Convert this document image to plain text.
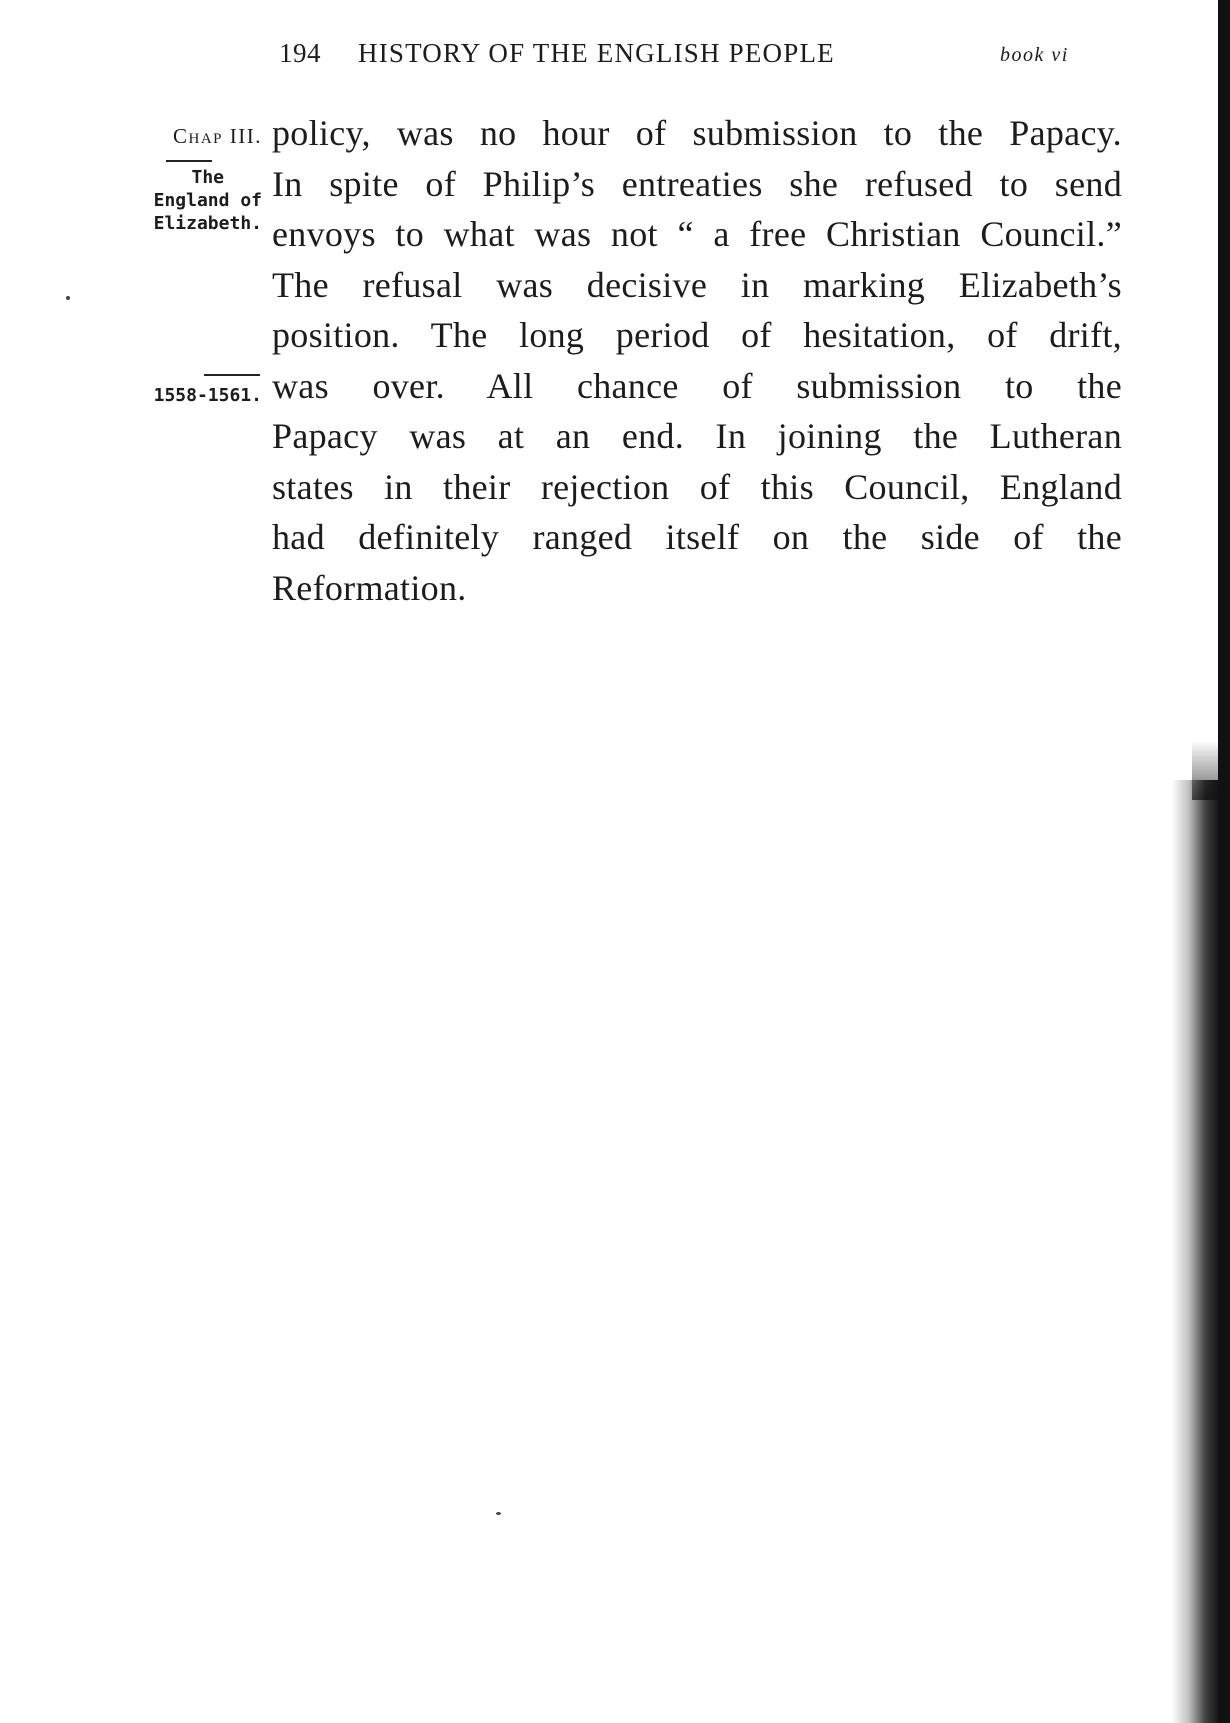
194 HISTORY OF THE ENGLISH PEOPLE	book vi
Chap III.
The
England of
Elizabeth.
1558-1561.
policy, was no hour of submission to the Papacy.
In spite of Philip’s entreaties she refused to send
envoys to what was not “ a free Christian Council.”
The refusal was decisive in marking Elizabeth’s
position. The long period of hesitation, of drift,
was over. All chance of submission to the
Papacy was at an end. In joining the Lutheran
states in their rejection of this Council, England
had definitely ranged itself on the side of the
Reformation.
